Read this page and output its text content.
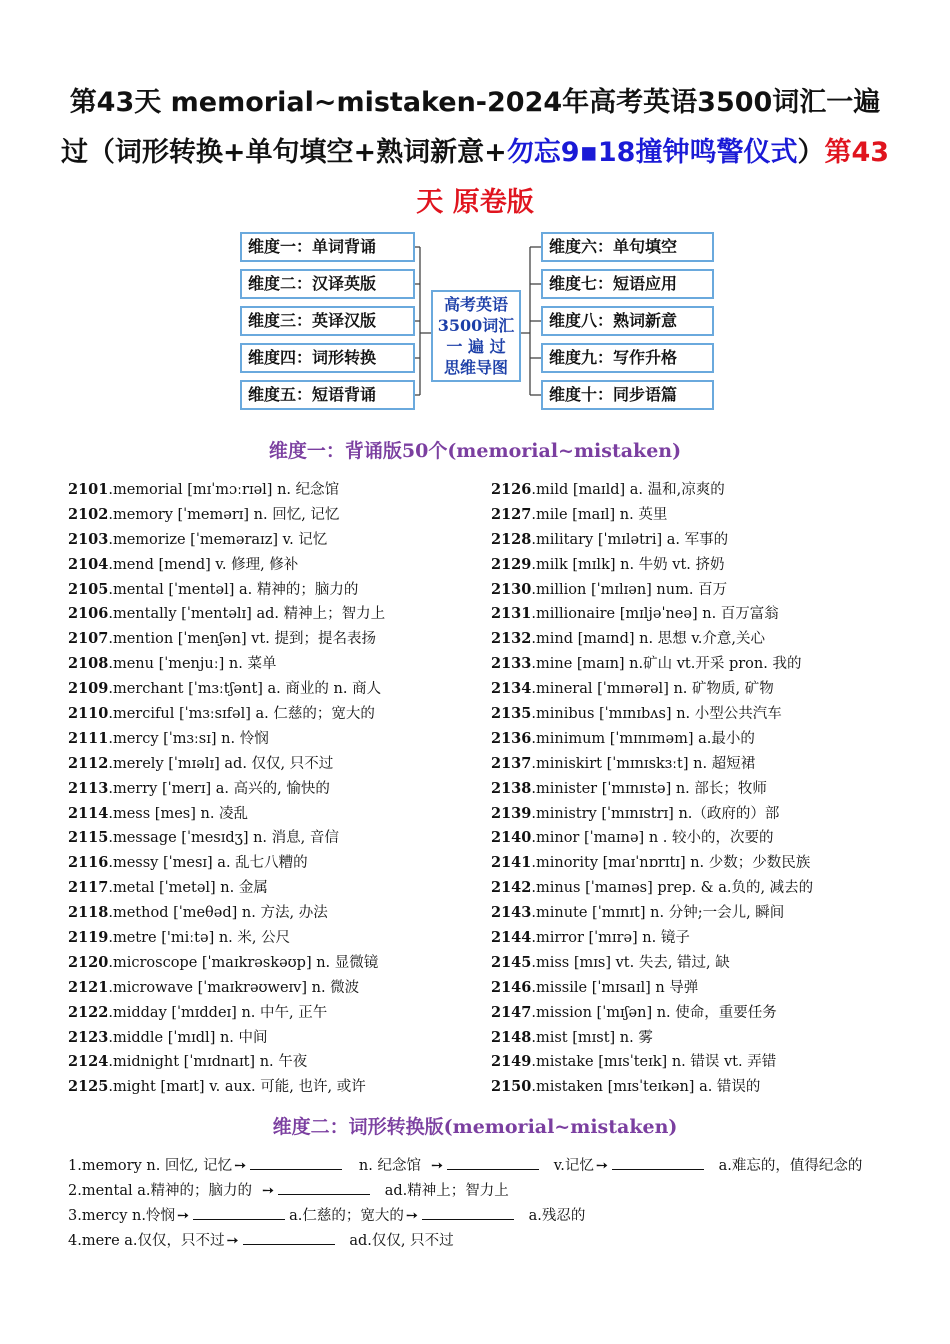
第43天 memorial~mistaken-2024年高考英语3500词汇一遍过（词形转换+单句填空+熟词新意+勿忘9▪18撞钟鸣警仪式）第43天 原卷版
维度一：单词背诵
维度二：汉译英版
维度三：英译汉版
维度四：词形转换
维度五：短语背诵
高考英语
3500词汇
一 遍 过
思维导图
维度六：单句填空
维度七：短语应用
维度八：熟词新意
维度九：写作升格
维度十：同步语篇
维度一：背诵版50个(memorial~mistaken)
2101.memorial [mɪˈmɔːrɪəl] n. 纪念馆
2102.memory [ˈmemərɪ] n. 回忆, 记忆
2103.memorize [ˈmeməraɪz] v. 记忆
2104.mend [mend] v. 修理, 修补
2105.mental [ˈmentəl] a. 精神的；脑力的
2106.mentally [ˈmentəlɪ] ad. 精神上；智力上
2107.mention [ˈmenʃən] vt. 提到；提名表扬
2108.menu [ˈmenjuː] n. 菜单
2109.merchant [ˈmɜːtʃənt] a. 商业的 n. 商人
2110.merciful [ˈmɜːsɪfəl] a. 仁慈的；宽大的
2111.mercy [ˈmɜːsɪ] n. 怜悯
2112.merely [ˈmɪəlɪ] ad. 仅仅, 只不过
2113.merry [ˈmerɪ] a. 高兴的, 愉快的
2114.mess [mes] n. 凌乱
2115.message [ˈmesɪdʒ] n. 消息, 音信
2116.messy [ˈmesɪ] a. 乱七八糟的
2117.metal [ˈmetəl] n. 金属
2118.method [ˈmeθəd] n. 方法, 办法
2119.metre ['miːtə] n. 米, 公尺
2120.microscope [ˈmaɪkrəskəʊp] n. 显微镜
2121.microwave [ˈmaɪkrəʊweɪv] n. 微波
2122.midday [ˈmɪddeɪ] n. 中午, 正午
2123.middle [ˈmɪdl] n. 中间
2124.midnight [ˈmɪdnaɪt] n. 午夜
2125.might [maɪt] v. aux. 可能, 也许, 或许
2126.mild [maɪld] a. 温和,凉爽的
2127.mile [maɪl] n. 英里
2128.military [ˈmɪlətri] a. 军事的
2129.milk [mɪlk] n. 牛奶 vt. 挤奶
2130.million [ˈmɪlɪən] num. 百万
2131.millionaire [mɪljəˈneə] n. 百万富翁
2132.mind [maɪnd] n. 思想 v.介意,关心
2133.mine [maɪn] n.矿山 vt.开采 pron. 我的
2134.mineral [ˈmɪnərəl] n. 矿物质, 矿物
2135.minibus [ˈmɪnɪbʌs] n. 小型公共汽车
2136.minimum [ˈmɪnɪməm] a.最小的
2137.miniskirt [ˈmɪnɪskɜːt] n. 超短裙
2138.minister [ˈmɪnɪstə] n. 部长；牧师
2139.ministry [ˈmɪnɪstrɪ] n.（政府的）部
2140.minor [ˈmaɪnə] n . 较小的，次要的
2141.minority [maɪˈnɒrɪtɪ] n. 少数；少数民族
2142.minus [ˈmaɪnəs] prep. & a.负的, 减去的
2143.minute [ˈmɪnɪt] n. 分钟;一会儿, 瞬间
2144.mirror [ˈmɪrə] n. 镜子
2145.miss [mɪs] vt. 失去, 错过, 缺
2146.missile [ˈmɪsaɪl] n 导弹
2147.mission [ˈmɪʃən] n. 使命，重要任务
2148.mist [mɪst] n. 雾
2149.mistake [mɪsˈteɪk] n. 错误 vt. 弄错
2150.mistaken [mɪsˈteɪkən] a. 错误的
维度二：词形转换版(memorial~mistaken)
1.memory n. 回忆, 记忆 ➙	n. 纪念馆 ➙	v.记忆 ➙	a.难忘的，值得纪念的
2.mental a.精神的；脑力的 ➙	ad.精神上；智力上
3.mercy n.怜悯 ➙	a.仁慈的；宽大的 ➙	a.残忍的
4.mere a.仅仅，只不过 ➙	ad.仅仅, 只不过
